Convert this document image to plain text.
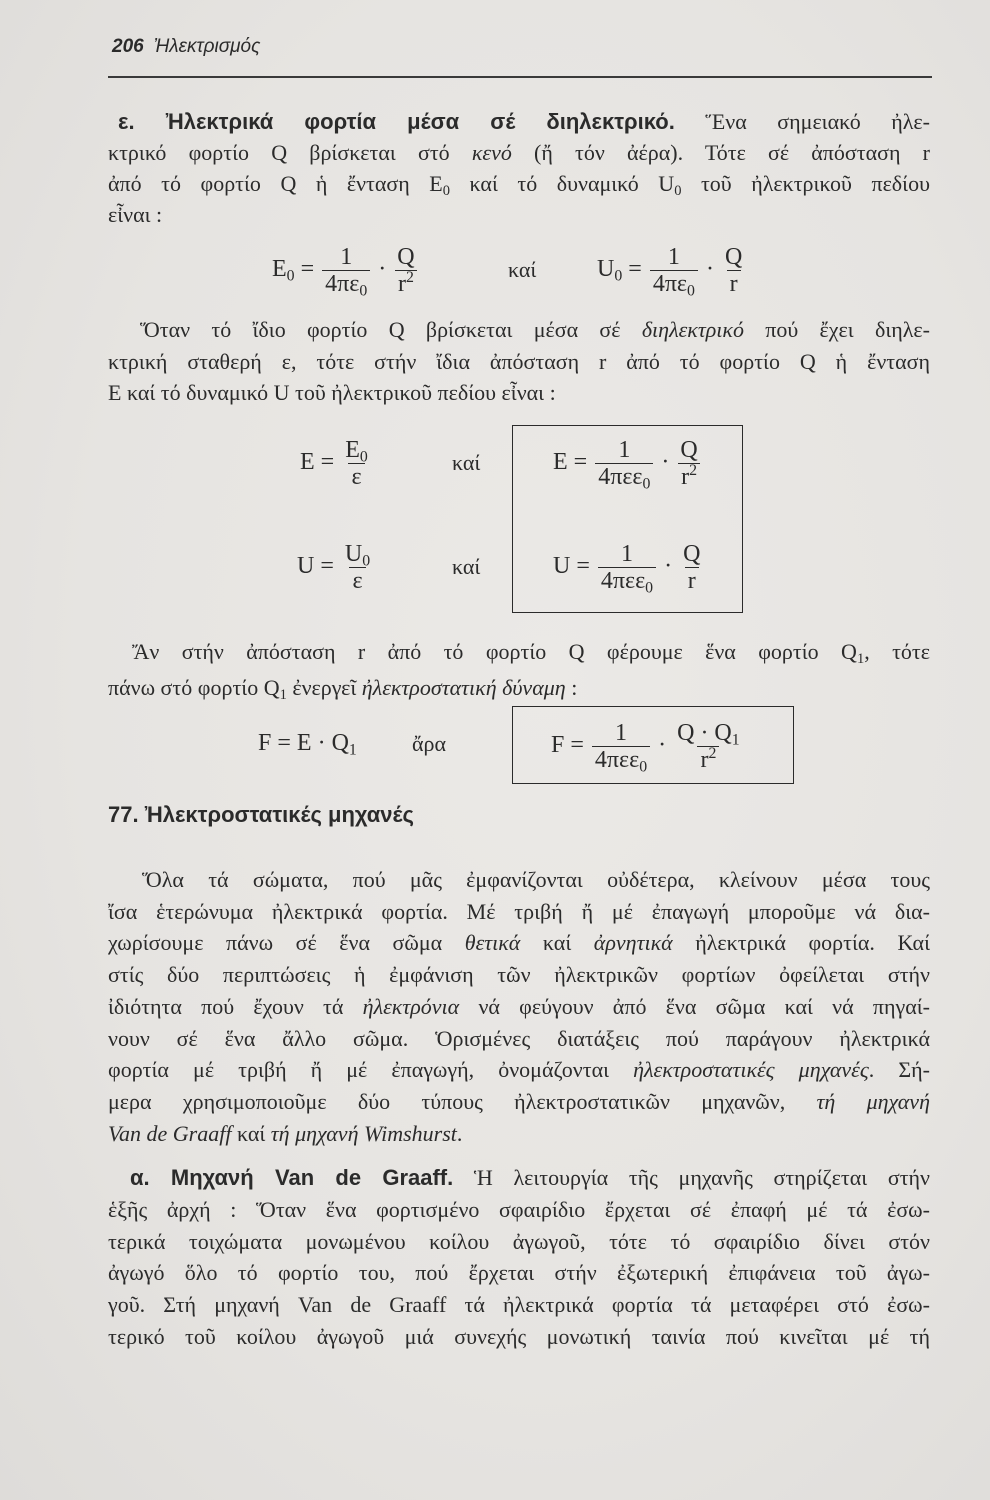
206 Ἠλεκτρισμός
ε. Ἠλεκτρικά φορτία μέσα σέ διηλεκτρικό. Ἕνα σημειακό ἠλε-
κτρικό φορτίο Q βρίσκεται στό κενό (ἤ τόν ἀέρα). Τότε σέ ἀπόσταση r
ἀπό τό φορτίο Q ἡ ἔνταση $E_0$ καί τό δυναμικό $U_0$ τοῦ ἠλεκτρικοῦ πεδίου
εἶναι :
$E_0 = \frac{1}{4\pi\varepsilon_0} \cdot \frac{Q}{r^2}$	καί	$U_0 = \frac{1}{4\pi\varepsilon_0} \cdot \frac{Q}{r}$
Ὅταν τό ἴδιο φορτίο Q βρίσκεται μέσα σέ διηλεκτρικό πού ἔχει διηλε-
κτρική σταθερή ε, τότε στήν ἴδια ἀπόσταση r ἀπό τό φορτίο Q ἡ ἔνταση
E καί τό δυναμικό U τοῦ ἠλεκτρικοῦ πεδίου εἶναι :
$E = \frac{E_0}{\varepsilon}$	καί	$E = \frac{1}{4\pi\varepsilon\varepsilon_0} \cdot \frac{Q}{r^2}$
$U = \frac{U_0}{\varepsilon}$	καί	$U = \frac{1}{4\pi\varepsilon\varepsilon_0} \cdot \frac{Q}{r}$
Ἄν στήν ἀπόσταση r ἀπό τό φορτίο Q φέρουμε ἕνα φορτίο $Q_1$, τότε
πάνω στό φορτίο $Q_1$ ἐνεργεῖ ἠλεκτροστατική δύναμη :
$F = E \cdot Q_1$	ἄρα	$F = \frac{1}{4\pi\varepsilon\varepsilon_0} \cdot \frac{Q \cdot Q_1}{r^2}$
77. Ἠλεκτροστατικές μηχανές
Ὅλα τά σώματα, πού μᾶς ἐμφανίζονται οὐδέτερα, κλείνουν μέσα τους
ἴσα ἑτερώνυμα ἠλεκτρικά φορτία. Μέ τριβή ἤ μέ ἐπαγωγή μποροῦμε νά δια-
χωρίσουμε πάνω σέ ἕνα σῶμα θετικά καί ἀρνητικά ἠλεκτρικά φορτία. Καί
στίς δύο περιπτώσεις ἡ ἐμφάνιση τῶν ἠλεκτρικῶν φορτίων ὀφείλεται στήν
ἰδιότητα πού ἔχουν τά ἠλεκτρόνια νά φεύγουν ἀπό ἕνα σῶμα καί νά πηγαί-
νουν σέ ἕνα ἄλλο σῶμα. Ὁρισμένες διατάξεις πού παράγουν ἠλεκτρικά
φορτία μέ τριβή ἤ μέ ἐπαγωγή, ὀνομάζονται ἠλεκτροστατικές μηχανές. Σή-
μερα χρησιμοποιοῦμε δύο τύπους ἠλεκτροστατικῶν μηχανῶν, τή μηχανή
Van de Graaff καί τή μηχανή Wimshurst.
α. Μηχανή Van de Graaff. Ἡ λειτουργία τῆς μηχανῆς στηρίζεται στήν
ἑξῆς ἀρχή : Ὅταν ἕνα φορτισμένο σφαιρίδιο ἔρχεται σέ ἐπαφή μέ τά ἐσω-
τερικά τοιχώματα μονωμένου κοίλου ἀγωγοῦ, τότε τό σφαιρίδιο δίνει στόν
ἀγωγό ὅλο τό φορτίο του, πού ἔρχεται στήν ἐξωτερική ἐπιφάνεια τοῦ ἀγω-
γοῦ. Στή μηχανή Van de Graaff τά ἠλεκτρικά φορτία τά μεταφέρει στό ἐσω-
τερικό τοῦ κοίλου ἀγωγοῦ μιά συνεχής μονωτική ταινία πού κινεῖται μέ τή
